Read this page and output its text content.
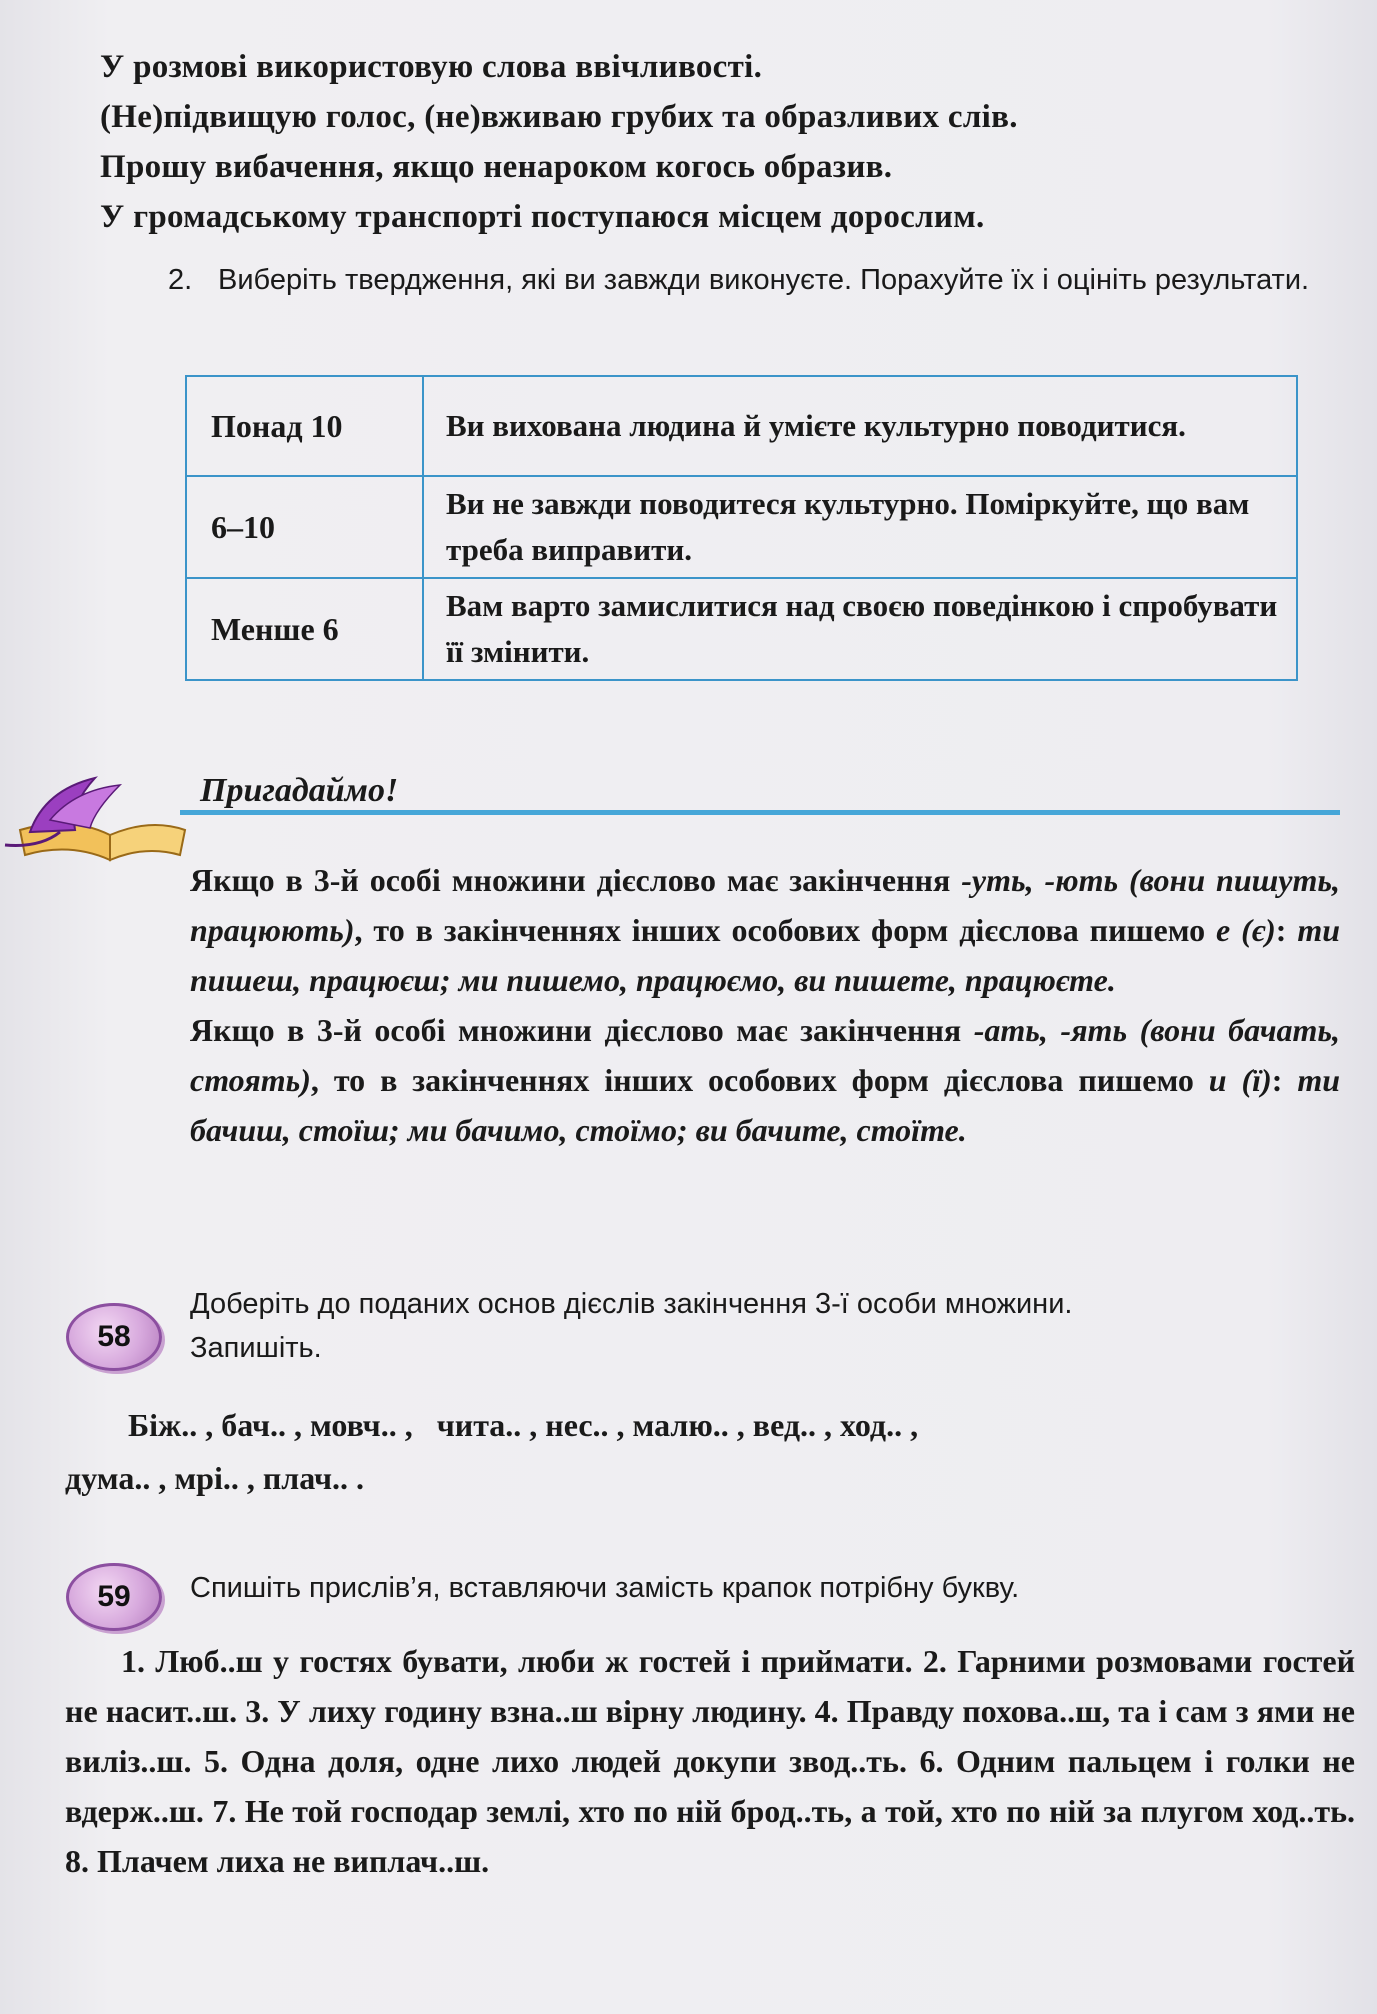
У розмові використовую слова ввічливості.
(Не)підвищую голос, (не)вживаю грубих та образливих слів.
Прошу вибачення, якщо ненароком когось образив.
У громадському транспорті поступаюся місцем дорослим.
2. Виберіть твердження, які ви завжди виконуєте. Порахуйте їх і оцініть результати.
Понад 10	Ви вихована людина й умієте культурно поводитися.
6–10	Ви не завжди поводитеся культурно. Поміркуйте, що вам треба виправити.
Менше 6	Вам варто замислитися над своєю поведінкою і спробувати її змінити.
Пригадаймо!

Якщо в 3-й особі множини дієслово має закінчення -уть, -ють (вони пишуть, працюють), то в закінченнях інших особових форм дієслова пишемо е (є): ти пишеш, працюєш; ми пишемо, працюємо, ви пишете, працюєте.

Якщо в 3-й особі множини дієслово має закінчення -ать, -ять (вони бачать, стоять), то в закінченнях інших особових форм дієслова пишемо и (ї): ти бачиш, стоїш; ми бачимо, стоїмо; ви бачите, стоїте.

58
Доберіть до поданих основ дієслів закінчення 3-ї особи множини.
Запишіть.
Біж.. , бач.. , мовч.. ,   чита.. , нес.. , малю.. , вед.. , ход.. ,
дума.. , мрі.. , плач.. .
59	Спишіть прислів’я, вставляючи замість крапок потрібну букву.

1. Люб..ш у гостях бувати, люби ж гостей і приймати. 2. Гарними розмовами гостей не насит..ш. 3. У лиху годину взна..ш вірну людину. 4. Правду похова..ш, та і сам з ями не виліз..ш. 5. Одна доля, одне лихо людей докупи звод..ть. 6. Одним пальцем і голки не вдерж..ш. 7. Не той господар землі, хто по ній брод..ть, а той, хто по ній за плугом ход..ть. 8. Плачем лиха не виплач..ш.
